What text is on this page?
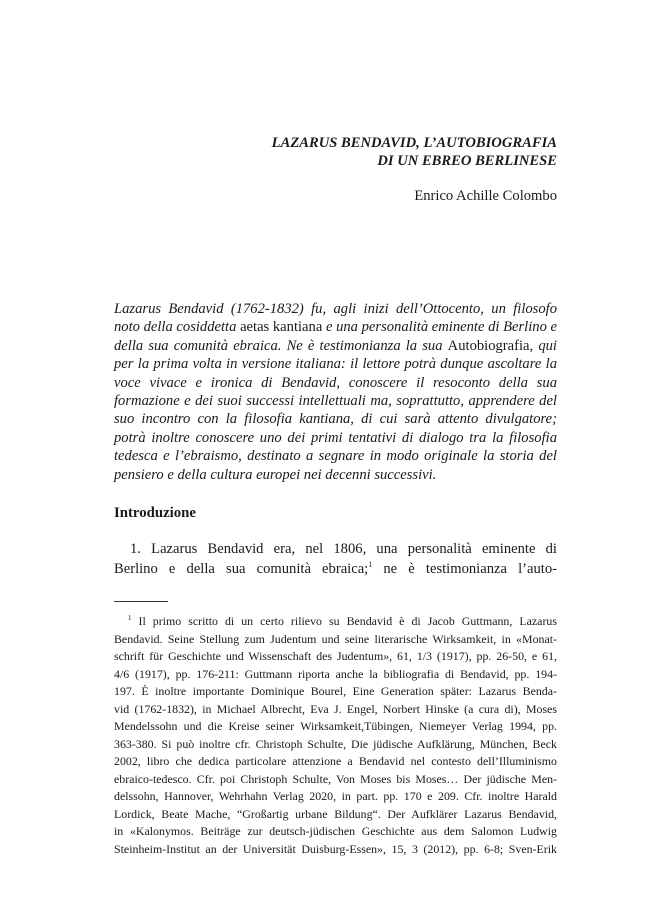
LAZARUS BENDAVID, L’AUTOBIOGRAFIA
DI UN EBREO BERLINESE
Enrico Achille Colombo
Lazarus Bendavid (1762-1832) fu, agli inizi dell’Ottocento, un filosofo noto della cosiddetta aetas kantiana e una personalità eminente di Berlino e della sua comunità ebraica. Ne è testimonianza la sua Autobiografia, qui per la prima volta in versione italiana: il lettore potrà dunque ascoltare la voce vivace e ironica di Bendavid, conoscere il resoconto della sua formazione e dei suoi successi intellettuali ma, soprattutto, apprendere del suo incontro con la filosofia kantiana, di cui sarà attento divulgatore; potrà inoltre conoscere uno dei primi tentativi di dialogo tra la filosofia tedesca e l’ebraismo, destinato a segnare in modo originale la storia del pensiero e della cultura europei nei decenni successivi.
Introduzione
1. Lazarus Bendavid era, nel 1806, una personalità eminente di
Berlino e della sua comunità ebraica;$^1$ ne è testimonianza l’auto-
$^1$ Il primo scritto di un certo rilievo su Bendavid è di Jacob Guttmann, Lazarus
Bendavid. Seine Stellung zum Judentum und seine literarische Wirksamkeit, in «Monat-
schrift für Geschichte und Wissenschaft des Judentum», 61, 1/3 (1917), pp. 26-50, e 61,
4/6 (1917), pp. 176-211: Guttmann riporta anche la bibliografia di Bendavid, pp. 194-
197. È inoltre importante Dominique Bourel, Eine Generation später: Lazarus Benda-
vid (1762-1832), in Michael Albrecht, Eva J. Engel, Norbert Hinske (a cura di), Moses
Mendelssohn und die Kreise seiner Wirksamkeit,Tübingen, Niemeyer Verlag 1994, pp.
363-380. Si può inoltre cfr. Christoph Schulte, Die jüdische Aufklärung, München, Beck
2002, libro che dedica particolare attenzione a Bendavid nel contesto dell’Illuminismo
ebraico-tedesco. Cfr. poi Christoph Schulte, Von Moses bis Moses… Der jüdische Men-
delssohn, Hannover, Wehrhahn Verlag 2020, in part. pp. 170 e 209. Cfr. inoltre Harald
Lordick, Beate Mache, “Großartig urbane Bildung“. Der Aufklärer Lazarus Bendavid,
in «Kalonymos. Beiträge zur deutsch-jüdischen Geschichte aus dem Salomon Ludwig
Steinheim-Institut an der Universität Duisburg-Essen», 15, 3 (2012), pp. 6-8; Sven-Erik
